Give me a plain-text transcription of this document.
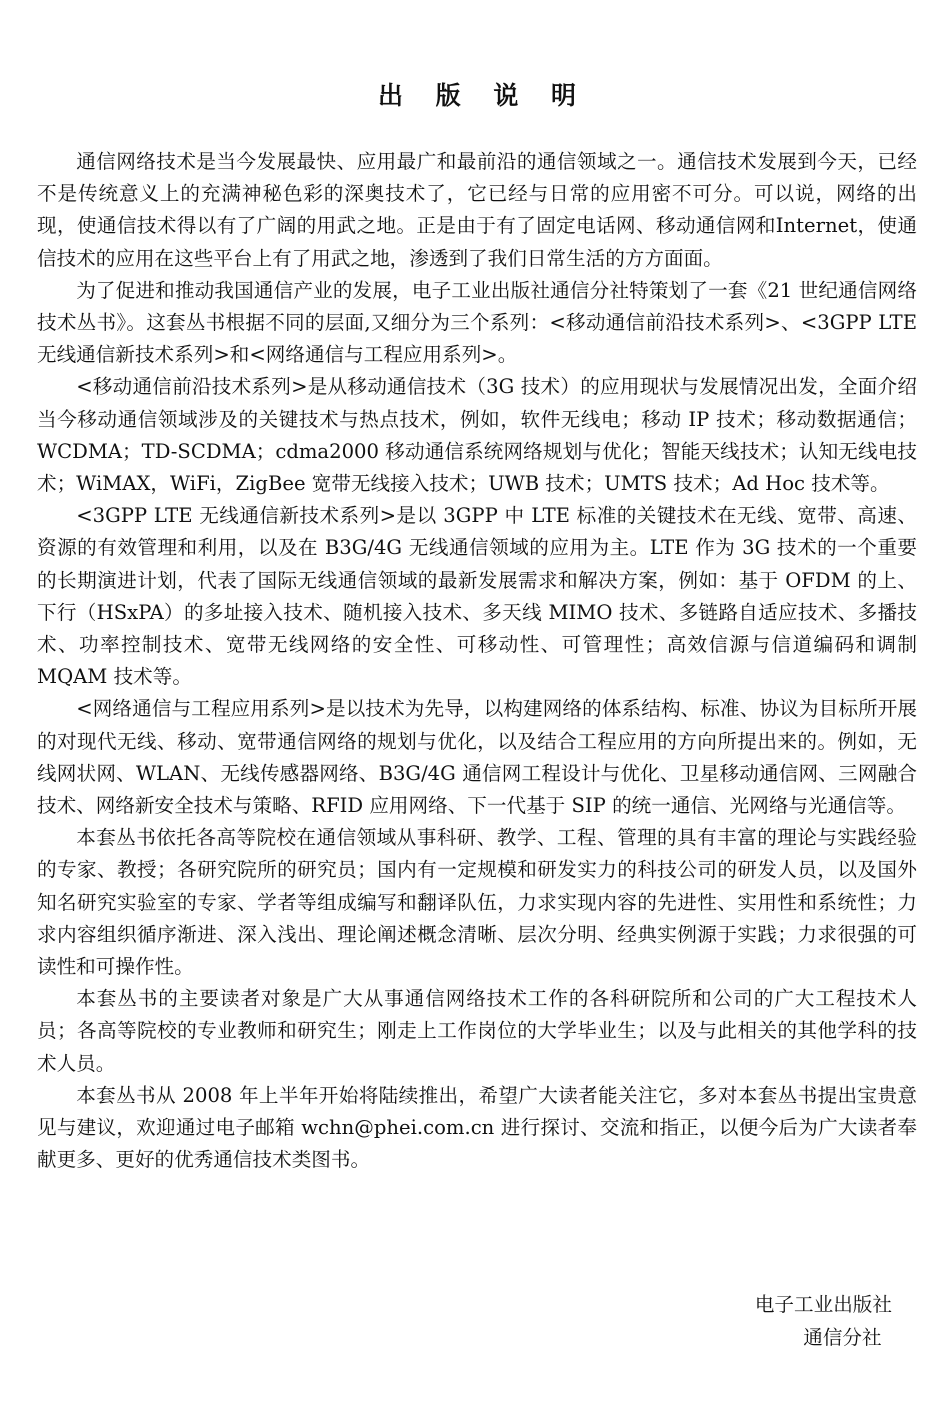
出 版 说 明

通信网络技术是当今发展最快、应用最广和最前沿的通信领域之一。通信技术发展到今天，已经不是传统意义上的充满神秘色彩的深奥技术了，它已经与日常的应用密不可分。可以说，网络的出现，使通信技术得以有了广阔的用武之地。正是由于有了固定电话网、移动通信网和Internet，使通信技术的应用在这些平台上有了用武之地，渗透到了我们日常生活的方方面面。

为了促进和推动我国通信产业的发展，电子工业出版社通信分社特策划了一套《21 世纪通信网络技术丛书》。这套丛书根据不同的层面,又细分为三个系列：<移动通信前沿技术系列>、<3GPP LTE　无线通信新技术系列>和<网络通信与工程应用系列>。

<移动通信前沿技术系列>是从移动通信技术（3G 技术）的应用现状与发展情况出发，全面介绍当今移动通信领域涉及的关键技术与热点技术，例如，软件无线电；移动 IP 技术；移动数据通信；WCDMA；TD-SCDMA；cdma2000 移动通信系统网络规划与优化；智能天线技术；认知无线电技术；WiMAX，WiFi，ZigBee 宽带无线接入技术；UWB 技术；UMTS 技术；Ad Hoc 技术等。

<3GPP LTE 无线通信新技术系列>是以 3GPP 中 LTE 标准的关键技术在无线、宽带、高速、资源的有效管理和利用，以及在 B3G/4G 无线通信领域的应用为主。LTE 作为 3G 技术的一个重要的长期演进计划，代表了国际无线通信领域的最新发展需求和解决方案，例如：基于 OFDM 的上、下行（HSxPA）的多址接入技术、随机接入技术、多天线 MIMO 技术、多链路自适应技术、多播技术、功率控制技术、宽带无线网络的安全性、可移动性、可管理性；高效信源与信道编码和调制 MQAM 技术等。

<网络通信与工程应用系列>是以技术为先导，以构建网络的体系结构、标准、协议为目标所开展的对现代无线、移动、宽带通信网络的规划与优化，以及结合工程应用的方向所提出来的。例如，无线网状网、WLAN、无线传感器网络、B3G/4G 通信网工程设计与优化、卫星移动通信网、三网融合技术、网络新安全技术与策略、RFID 应用网络、下一代基于 SIP 的统一通信、光网络与光通信等。

本套丛书依托各高等院校在通信领域从事科研、教学、工程、管理的具有丰富的理论与实践经验的专家、教授；各研究院所的研究员；国内有一定规模和研发实力的科技公司的研发人员，以及国外知名研究实验室的专家、学者等组成编写和翻译队伍，力求实现内容的先进性、实用性和系统性；力求内容组织循序渐进、深入浅出、理论阐述概念清晰、层次分明、经典实例源于实践；力求很强的可读性和可操作性。

本套丛书的主要读者对象是广大从事通信网络技术工作的各科研院所和公司的广大工程技术人员；各高等院校的专业教师和研究生；刚走上工作岗位的大学毕业生；以及与此相关的其他学科的技术人员。

本套丛书从 2008 年上半年开始将陆续推出，希望广大读者能关注它，多对本套丛书提出宝贵意见与建议，欢迎通过电子邮箱 wchn@phei.com.cn 进行探讨、交流和指正，以便今后为广大读者奉献更多、更好的优秀通信技术类图书。

电子工业出版社
通信分社
